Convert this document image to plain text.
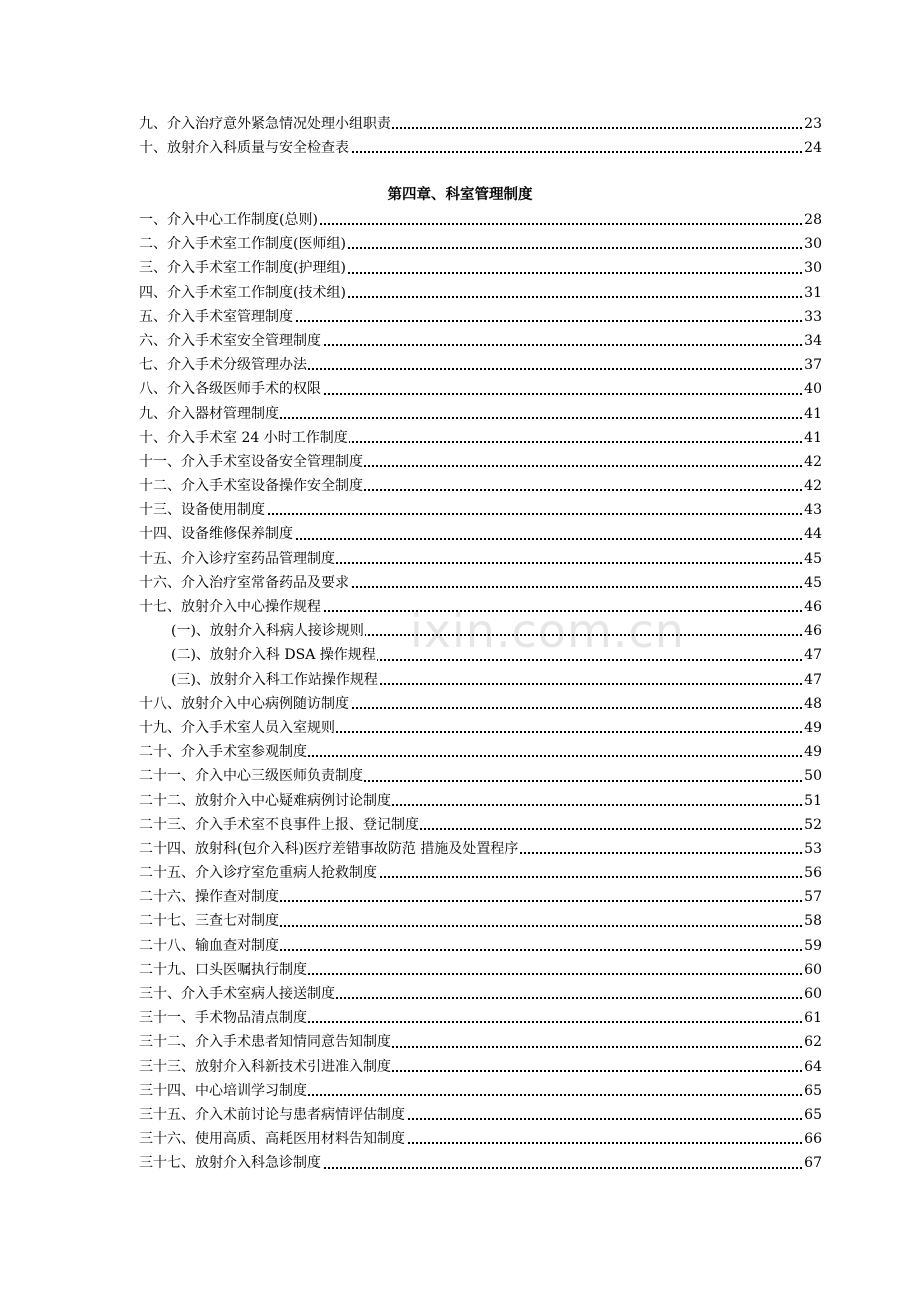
ixin.com.cn
九、介入治疗意外紧急情况处理小组职责	23
十、放射介入科质量与安全检查表	24
第四章、科室管理制度
一、介入中心工作制度(总则)	28
二、介入手术室工作制度(医师组)	30
三、介入手术室工作制度(护理组)	30
四、介入手术室工作制度(技术组)	31
五、介入手术室管理制度	33
六、介入手术室安全管理制度	34
七、介入手术分级管理办法	37
八、介入各级医师手术的权限	40
九、介入器材管理制度	41
十、介入手术室 24 小时工作制度	41
十一、介入手术室设备安全管理制度	42
十二、介入手术室设备操作安全制度	42
十三、设备使用制度	43
十四、设备维修保养制度	44
十五、介入诊疗室药品管理制度	45
十六、介入治疗室常备药品及要求	45
十七、放射介入中心操作规程	46
(一)、放射介入科病人接诊规则	46
(二)、放射介入科 DSA 操作规程	47
(三)、放射介入科工作站操作规程	47
十八、放射介入中心病例随访制度	48
十九、介入手术室人员入室规则	49
二十、介入手术室参观制度	49
二十一、介入中心三级医师负责制度	50
二十二、放射介入中心疑难病例讨论制度	51
二十三、介入手术室不良事件上报、登记制度	52
二十四、放射科(包介入科)医疗差错事故防范 措施及处置程序	53
二十五、介入诊疗室危重病人抢救制度	56
二十六、操作查对制度	57
二十七、三查七对制度	58
二十八、输血查对制度	59
二十九、口头医嘱执行制度	60
三十、介入手术室病人接送制度	60
三十一、手术物品清点制度	61
三十二、介入手术患者知情同意告知制度	62
三十三、放射介入科新技术引进准入制度	64
三十四、中心培训学习制度	65
三十五、介入术前讨论与患者病情评估制度	65
三十六、使用高质、高耗医用材料告知制度	66
三十七、放射介入科急诊制度	67
